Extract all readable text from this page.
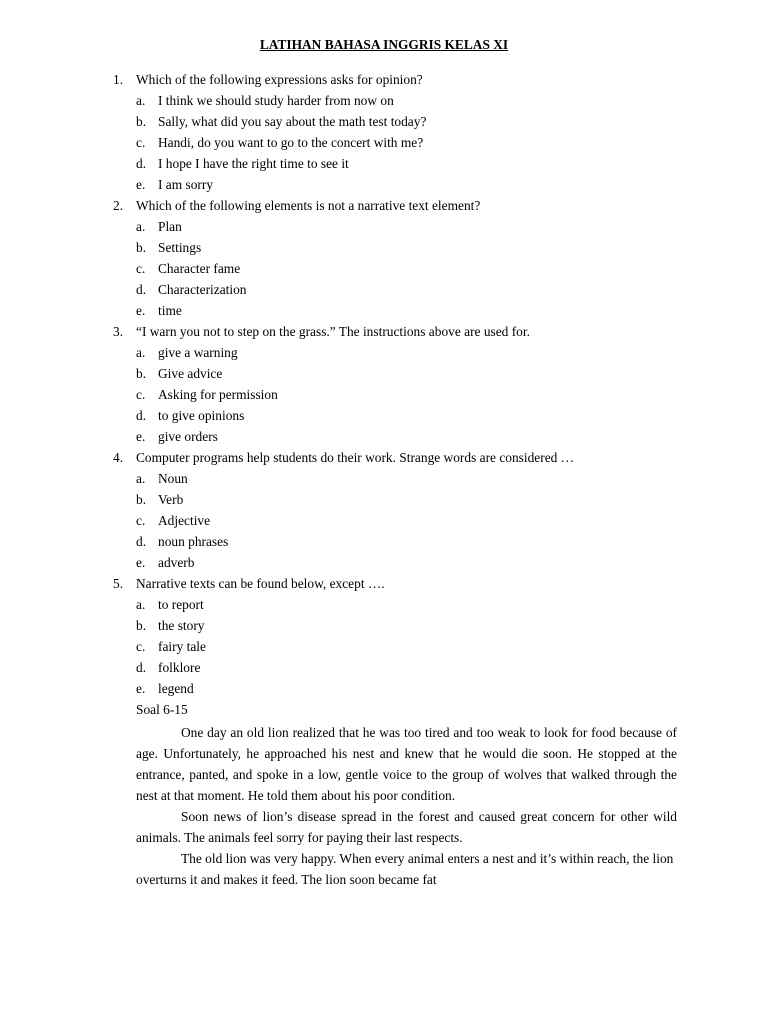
LATIHAN BAHASA INGGRIS KELAS XI
1. Which of the following expressions asks for opinion?
a. I think we should study harder from now on
b. Sally, what did you say about the math test today?
c. Handi, do you want to go to the concert with me?
d. I hope I have the right time to see it
e. I am sorry
2. Which of the following elements is not a narrative text element?
a. Plan
b. Settings
c. Character fame
d. Characterization
e. time
3. “I warn you not to step on the grass.” The instructions above are used for.
a. give a warning
b. Give advice
c. Asking for permission
d. to give opinions
e. give orders
4. Computer programs help students do their work. Strange words are considered …
a. Noun
b. Verb
c. Adjective
d. noun phrases
e. adverb
5. Narrative texts can be found below, except ….
a. to report
b. the story
c. fairy tale
d. folklore
e. legend
Soal 6-15

One day an old lion realized that he was too tired and too weak to look for food because of age. Unfortunately, he approached his nest and knew that he would die soon. He stopped at the entrance, panted, and spoke in a low, gentle voice to the group of wolves that walked through the nest at that moment. He told them about his poor condition.

Soon news of lion’s disease spread in the forest and caused great concern for other wild animals. The animals feel sorry for paying their last respects.

The old lion was very happy. When every animal enters a nest and it’s within reach, the lion overturns it and makes it feed. The lion soon became fat
